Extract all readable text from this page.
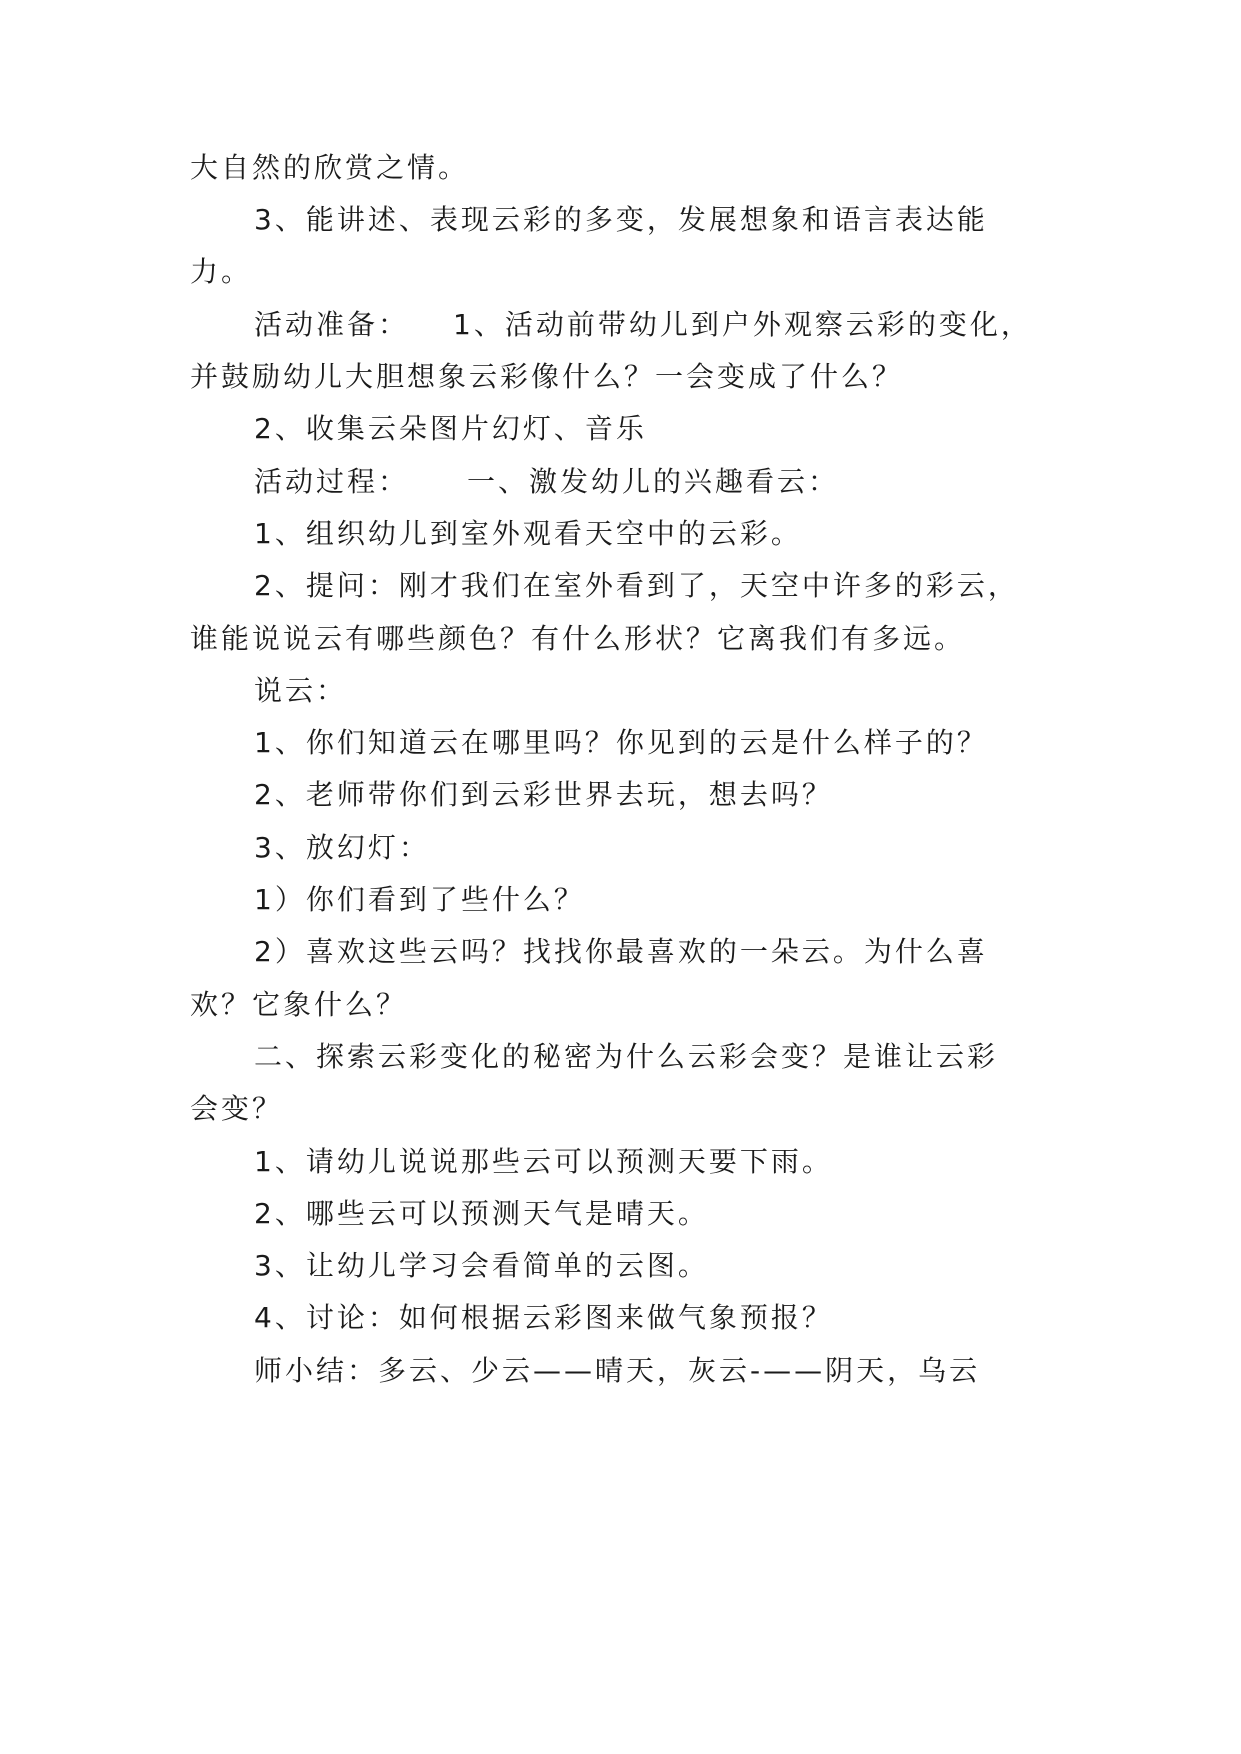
大自然的欣赏之情。
3、能讲述、表现云彩的多变，发展想象和语言表达能
力。
活动准备： 1、活动前带幼儿到户外观察云彩的变化，
并鼓励幼儿大胆想象云彩像什么？一会变成了什么？
2、收集云朵图片幻灯、音乐
活动过程： 一、激发幼儿的兴趣看云：
1、组织幼儿到室外观看天空中的云彩。
2、提问：刚才我们在室外看到了，天空中许多的彩云，
谁能说说云有哪些颜色？有什么形状？它离我们有多远。
说云：
1、你们知道云在哪里吗？你见到的云是什么样子的？
2、老师带你们到云彩世界去玩，想去吗？
3、放幻灯：
1）你们看到了些什么？
2）喜欢这些云吗？找找你最喜欢的一朵云。为什么喜
欢？它象什么？
二、探索云彩变化的秘密为什么云彩会变？是谁让云彩
会变？
1、请幼儿说说那些云可以预测天要下雨。
2、哪些云可以预测天气是晴天。
3、让幼儿学习会看简单的云图。
4、讨论：如何根据云彩图来做气象预报？
师小结：多云、少云——晴天，灰云-——阴天，乌云
